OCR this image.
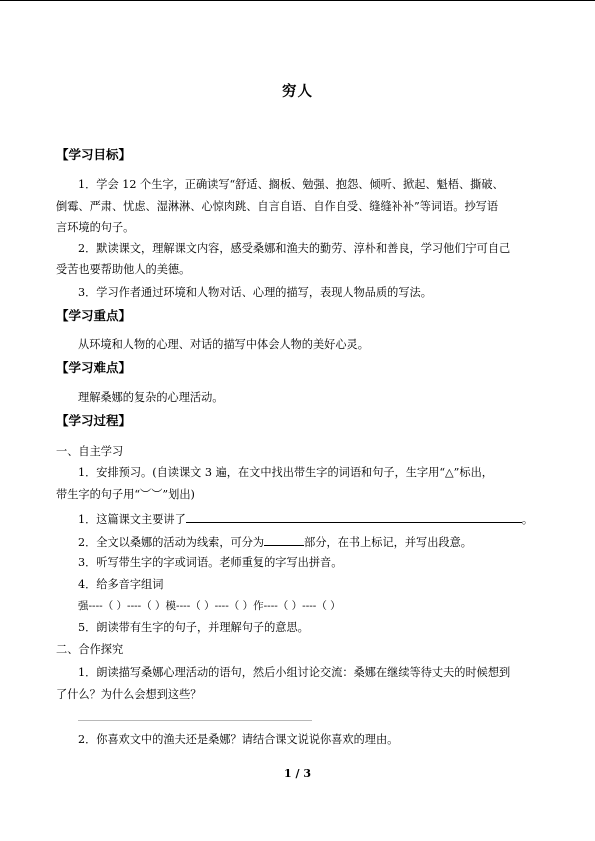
穷人
【学习目标】
1．学会 12 个生字，正确读写“舒适、搁板、勉强、抱怨、倾听、掀起、魁梧、撕破、
倒霉、严肃、忧虑、湿淋淋、心惊肉跳、自言自语、自作自受、缝缝补补”等词语。抄写语
言环境的句子。
2．默读课文，理解课文内容，感受桑娜和渔夫的勤劳、淳朴和善良，学习他们宁可自己
受苦也要帮助他人的美德。
3．学习作者通过环境和人物对话、心理的描写，表现人物品质的写法。
【学习重点】
从环境和人物的心理、对话的描写中体会人物的美好心灵。
【学习难点】
理解桑娜的复杂的心理活动。
【学习过程】
一、自主学习
1．安排预习。(自读课文 3 遍，在文中找出带生字的词语和句子，生字用“△”标出，
带生字的句子用“︶︶”划出)
1．这篇课文主要讲了	。
2．全文以桑娜的活动为线索，可分为	部分，在书上标记，并写出段意。
3．听写带生字的字或词语。老师重复的字写出拼音。
4．给多音字组词
强----（ ）----（ ）模----（ ）----（ ）作----（ ）----（ ）
5．朗读带有生字的句子，并理解句子的意思。
二、合作探究
1．朗读描写桑娜心理活动的语句，然后小组讨论交流：桑娜在继续等待丈夫的时候想到
了什么？为什么会想到这些？
2．你喜欢文中的渔夫还是桑娜？请结合课文说说你喜欢的理由。
1 / 3
